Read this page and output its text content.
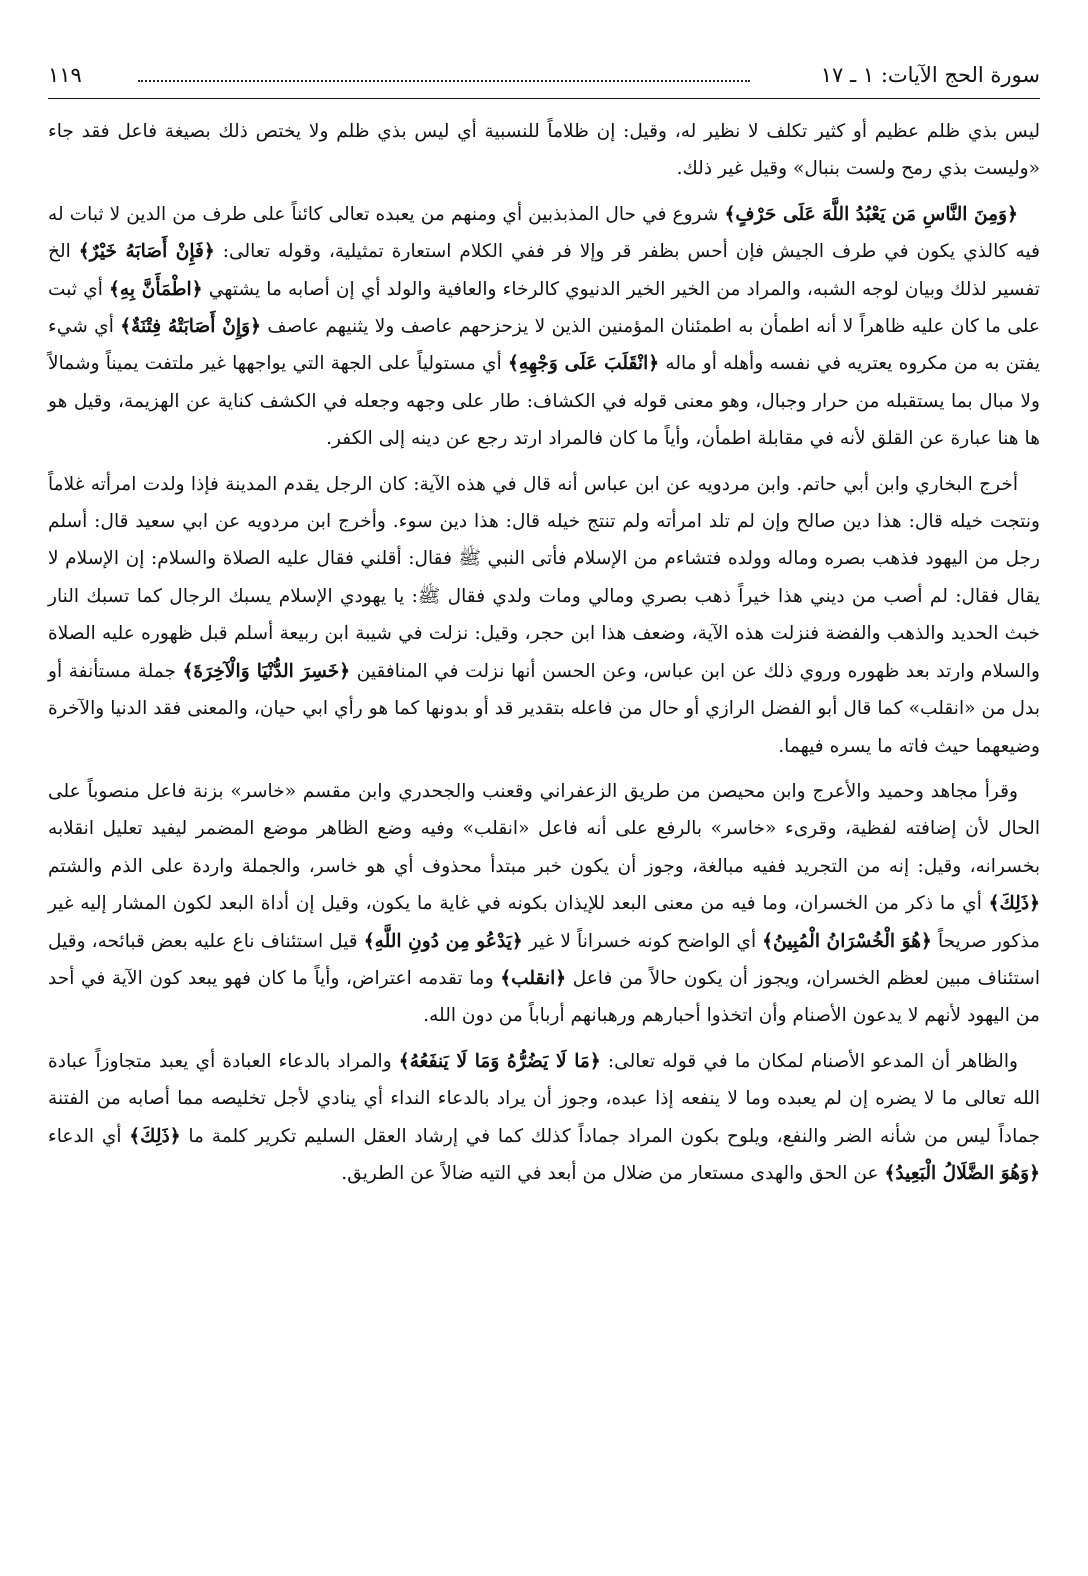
سورة الحج الآيات: ١ ـ ١٧
١١٩

ليس بذي ظلم عظيم أو كثير تكلف لا نظير له، وقيل: إن ظلاماً للنسبية أي ليس بذي ظلم ولا يختص ذلك بصيغة فاعل فقد جاء «وليست بذي رمح ولست بنبال» وقيل غير ذلك.

﴿وَمِنَ النَّاسِ مَن يَعْبُدُ اللَّهَ عَلَى حَرْفٍ﴾ شروع في حال المذبذبين أي ومنهم من يعبده تعالى كائناً على طرف من الدين لا ثبات له فيه كالذي يكون في طرف الجيش فإن أحس بظفر قر وإلا فر ففي الكلام استعارة تمثيلية، وقوله تعالى: ﴿فَإِنْ أَصَابَهُ خَيْرٌ﴾ الخ تفسير لذلك وبيان لوجه الشبه، والمراد من الخير الخير الدنيوي كالرخاء والعافية والولد أي إن أصابه ما يشتهي ﴿اطْمَأَنَّ بِهِ﴾ أي ثبت على ما كان عليه ظاهراً لا أنه اطمأن به اطمئنان المؤمنين الذين لا يزحزحهم عاصف ولا يثنيهم عاصف ﴿وَإِنْ أَصَابَتْهُ فِتْنَةٌ﴾ أي شيء يفتن به من مكروه يعتريه في نفسه وأهله أو ماله ﴿انْقَلَبَ عَلَى وَجْهِهِ﴾ أي مستولياً على الجهة التي يواجهها غير ملتفت يميناً وشمالاً ولا مبال بما يستقبله من حرار وجبال، وهو معنى قوله في الكشاف: طار على وجهه وجعله في الكشف كناية عن الهزيمة، وقيل هو ها هنا عبارة عن القلق لأنه في مقابلة اطمأن، وأياً ما كان فالمراد ارتد رجع عن دينه إلى الكفر.

أخرج البخاري وابن أبي حاتم. وابن مردويه عن ابن عباس أنه قال في هذه الآية: كان الرجل يقدم المدينة فإذا ولدت امرأته غلاماً ونتجت خيله قال: هذا دين صالح وإن لم تلد امرأته ولم تنتج خيله قال: هذا دين سوء. وأخرج ابن مردويه عن ابي سعيد قال: أسلم رجل من اليهود فذهب بصره وماله وولده فتشاءم من الإسلام فأتى النبي ﷺ فقال: أقلني فقال عليه الصلاة والسلام: إن الإسلام لا يقال فقال: لم أصب من ديني هذا خيراً ذهب بصري ومالي ومات ولدي فقال ﷺ: يا يهودي الإسلام يسبك الرجال كما تسبك النار خبث الحديد والذهب والفضة فنزلت هذه الآية، وضعف هذا ابن حجر، وقيل: نزلت في شيبة ابن ربيعة أسلم قبل ظهوره عليه الصلاة والسلام وارتد بعد ظهوره وروي ذلك عن ابن عباس، وعن الحسن أنها نزلت في المنافقين ﴿خَسِرَ الدُّنْيَا وَالْآخِرَةَ﴾ جملة مستأنفة أو بدل من «انقلب» كما قال أبو الفضل الرازي أو حال من فاعله بتقدير قد أو بدونها كما هو رأي ابي حيان، والمعنى فقد الدنيا والآخرة وضيعهما حيث فاته ما يسره فيهما.

وقرأ مجاهد وحميد والأعرج وابن محيصن من طريق الزعفراني وقعنب والجحدري وابن مقسم «خاسر» بزنة فاعل منصوباً على الحال لأن إضافته لفظية، وقرىء «خاسر» بالرفع على أنه فاعل «انقلب» وفيه وضع الظاهر موضع المضمر ليفيد تعليل انقلابه بخسرانه، وقيل: إنه من التجريد ففيه مبالغة، وجوز أن يكون خبر مبتدأ محذوف أي هو خاسر، والجملة واردة على الذم والشتم ﴿ذَلِكَ﴾ أي ما ذكر من الخسران، وما فيه من معنى البعد للإيذان بكونه في غاية ما يكون، وقيل إن أداة البعد لكون المشار إليه غير مذكور صريحاً ﴿هُوَ الْخُسْرَانُ الْمُبِينُ﴾ أي الواضح كونه خسراناً لا غير ﴿يَدْعُو مِن دُونِ اللَّهِ﴾ قيل استئناف ناع عليه بعض قبائحه، وقيل استئناف مبين لعظم الخسران، ويجوز أن يكون حالاً من فاعل ﴿انقلب﴾ وما تقدمه اعتراض، وأياً ما كان فهو يبعد كون الآية في أحد من اليهود لأنهم لا يدعون الأصنام وأن اتخذوا أحبارهم ورهبانهم أرباباً من دون الله.

والظاهر أن المدعو الأصنام لمكان ما في قوله تعالى: ﴿مَا لَا يَضُرُّهُ وَمَا لَا يَنفَعُهُ﴾ والمراد بالدعاء العبادة أي يعبد متجاوزاً عبادة الله تعالى ما لا يضره إن لم يعبده وما لا ينفعه إذا عبده، وجوز أن يراد بالدعاء النداء أي ينادي لأجل تخليصه مما أصابه من الفتنة جماداً ليس من شأنه الضر والنفع، ويلوح بكون المراد جماداً كذلك كما في إرشاد العقل السليم تكرير كلمة ما ﴿ذَلِكَ﴾ أي الدعاء ﴿وَهُوَ الضَّلَالُ الْبَعِيدُ﴾ عن الحق والهدى مستعار من ضلال من أبعد في التيه ضالاً عن الطريق.
